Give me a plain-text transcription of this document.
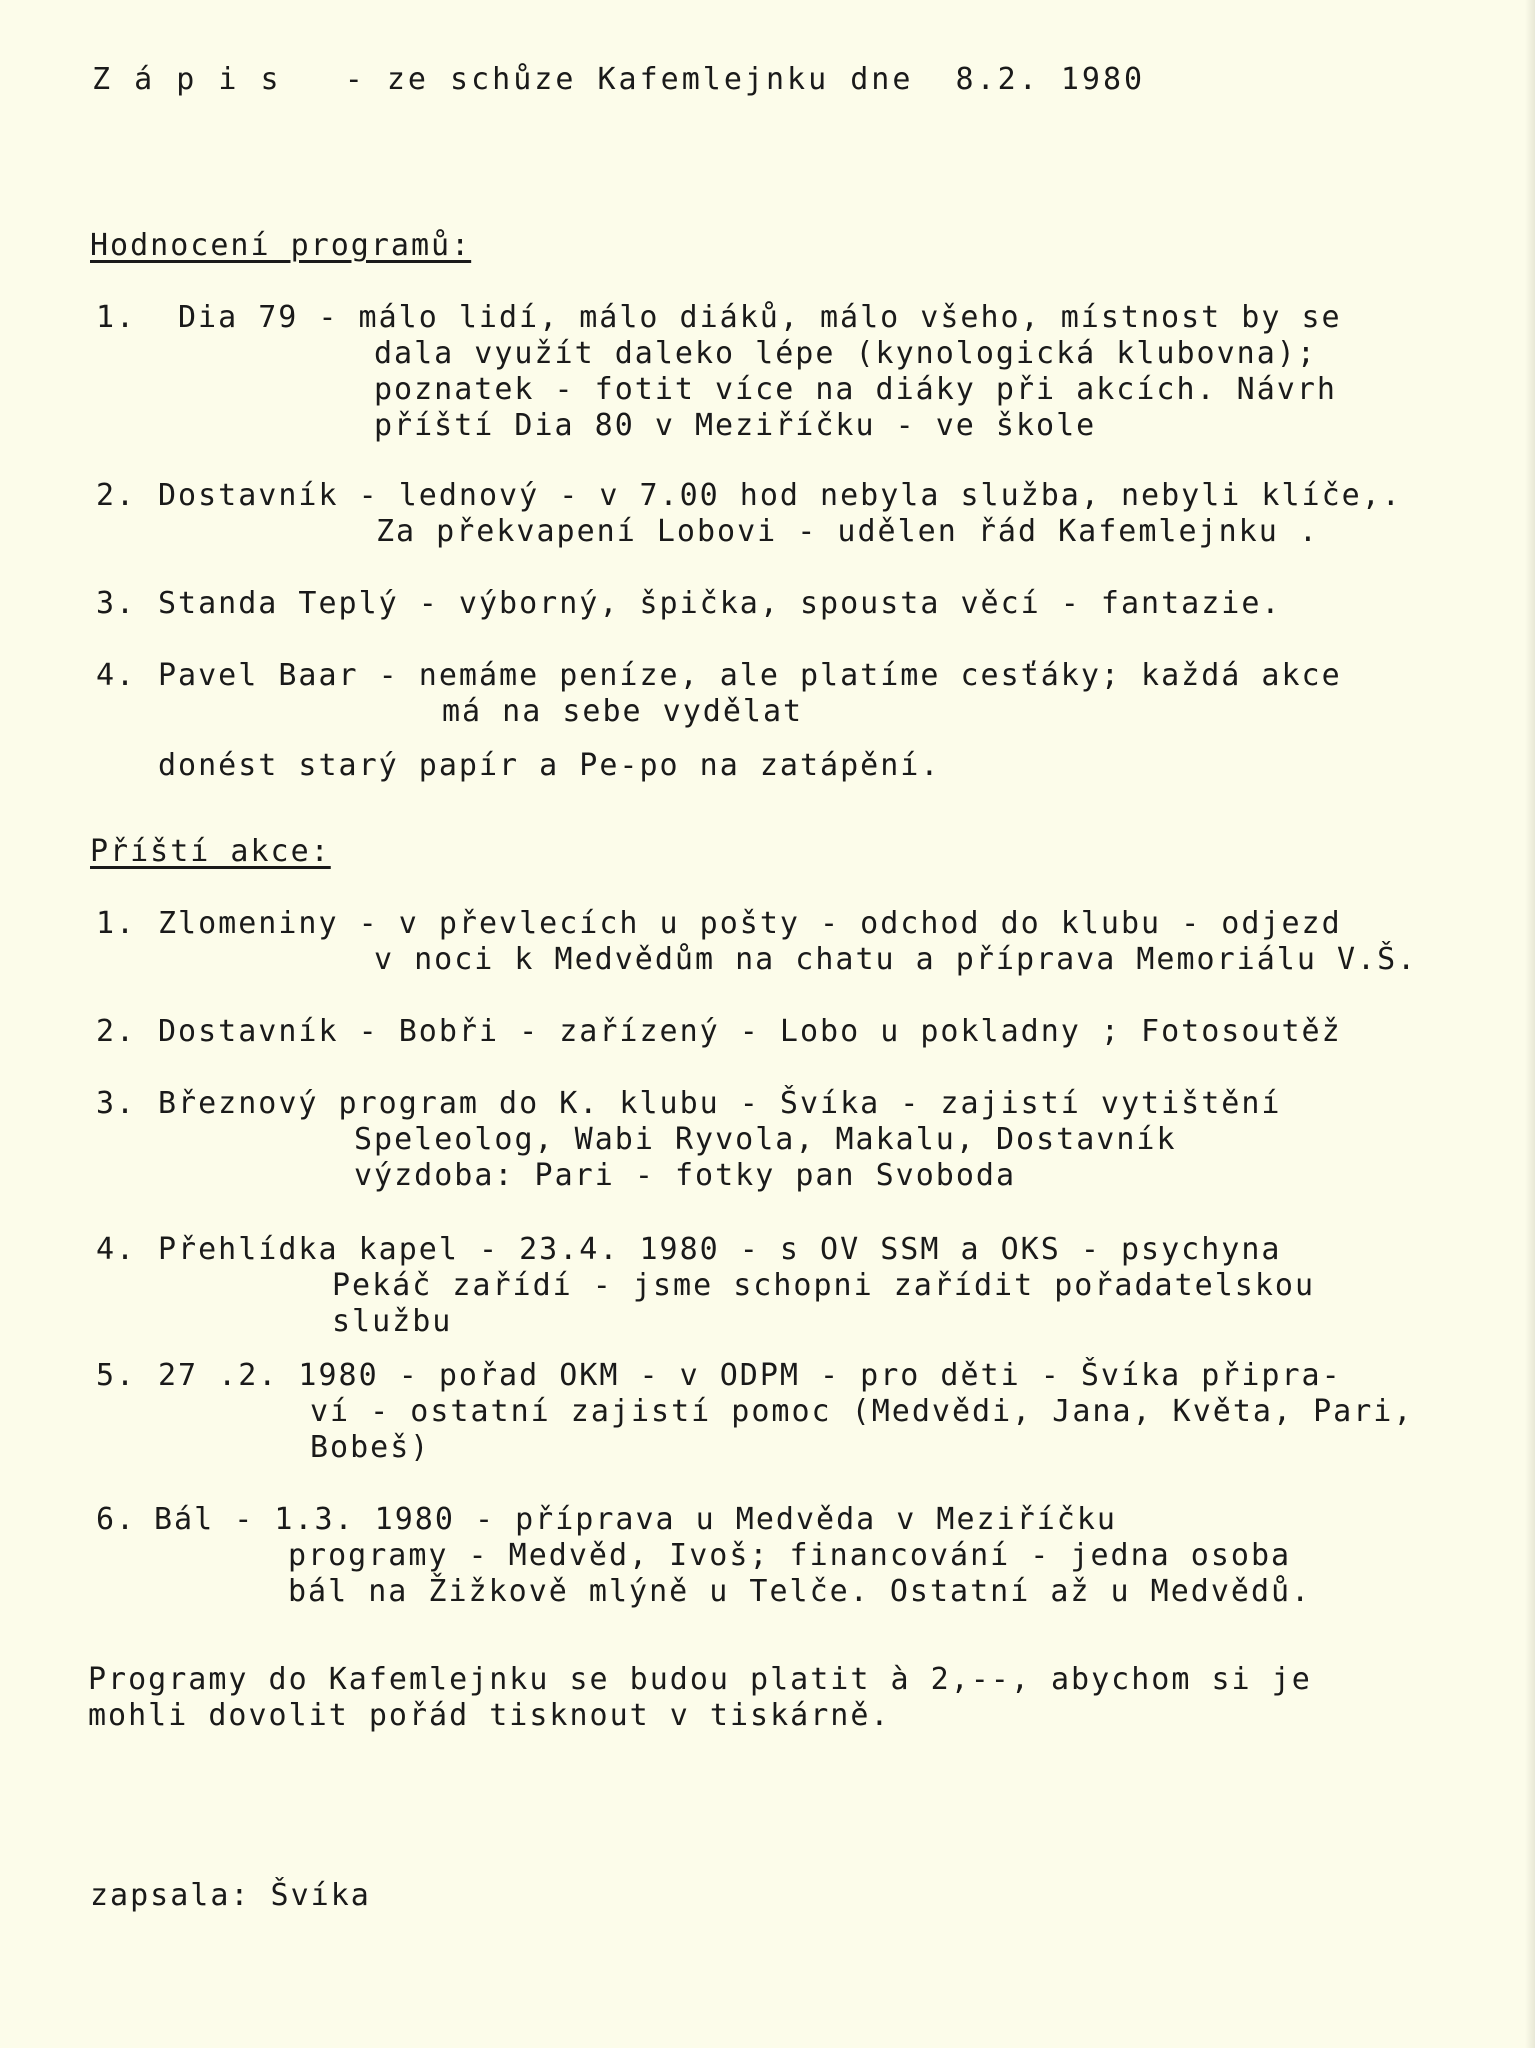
Z á p i s   - ze schůze Kafemlejnku dne  8.2. 1980
Hodnocení programů:
1. Dia 79 - málo lidí, málo diáků, málo všeho, místnost by se
dala využít daleko lépe (kynologická klubovna);
poznatek - fotit více na diáky při akcích. Návrh
příští Dia 80 v Meziříčku - ve škole
2. Dostavník - lednový - v 7.00 hod nebyla služba, nebyli klíče,.
Za překvapení Lobovi - udělen řád Kafemlejnku .
3. Standa Teplý - výborný, špička, spousta věcí - fantazie.
4. Pavel Baar - nemáme peníze, ale platíme cesťáky; každá akce
má na sebe vydělat
donést starý papír a Pe-po na zatápění.
Příští akce:
1. Zlomeniny - v převlecích u pošty - odchod do klubu - odjezd
v noci k Medvědům na chatu a příprava Memoriálu V.Š.
2. Dostavník - Bobři - zařízený - Lobo u pokladny ; Fotosoutěž
3. Březnový program do K. klubu - Švíka - zajistí vytištění
Speleolog, Wabi Ryvola, Makalu, Dostavník
výzdoba: Pari - fotky pan Svoboda
4. Přehlídka kapel - 23.4. 1980 - s OV SSM a OKS - psychyna
Pekáč zařídí - jsme schopni zařídit pořadatelskou
službu
5. 27 .2. 1980 - pořad OKM - v ODPM - pro děti - Švíka připra-
ví - ostatní zajistí pomoc (Medvědi, Jana, Květa, Pari,
Bobeš)
6. Bál - 1.3. 1980 - příprava u Medvěda v Meziříčku
programy - Medvěd, Ivoš; financování - jedna osoba
bál na Žižkově mlýně u Telče. Ostatní až u Medvědů.
Programy do Kafemlejnku se budou platit à 2,--, abychom si je
mohli dovolit pořád tisknout v tiskárně.
zapsala: Švíka
